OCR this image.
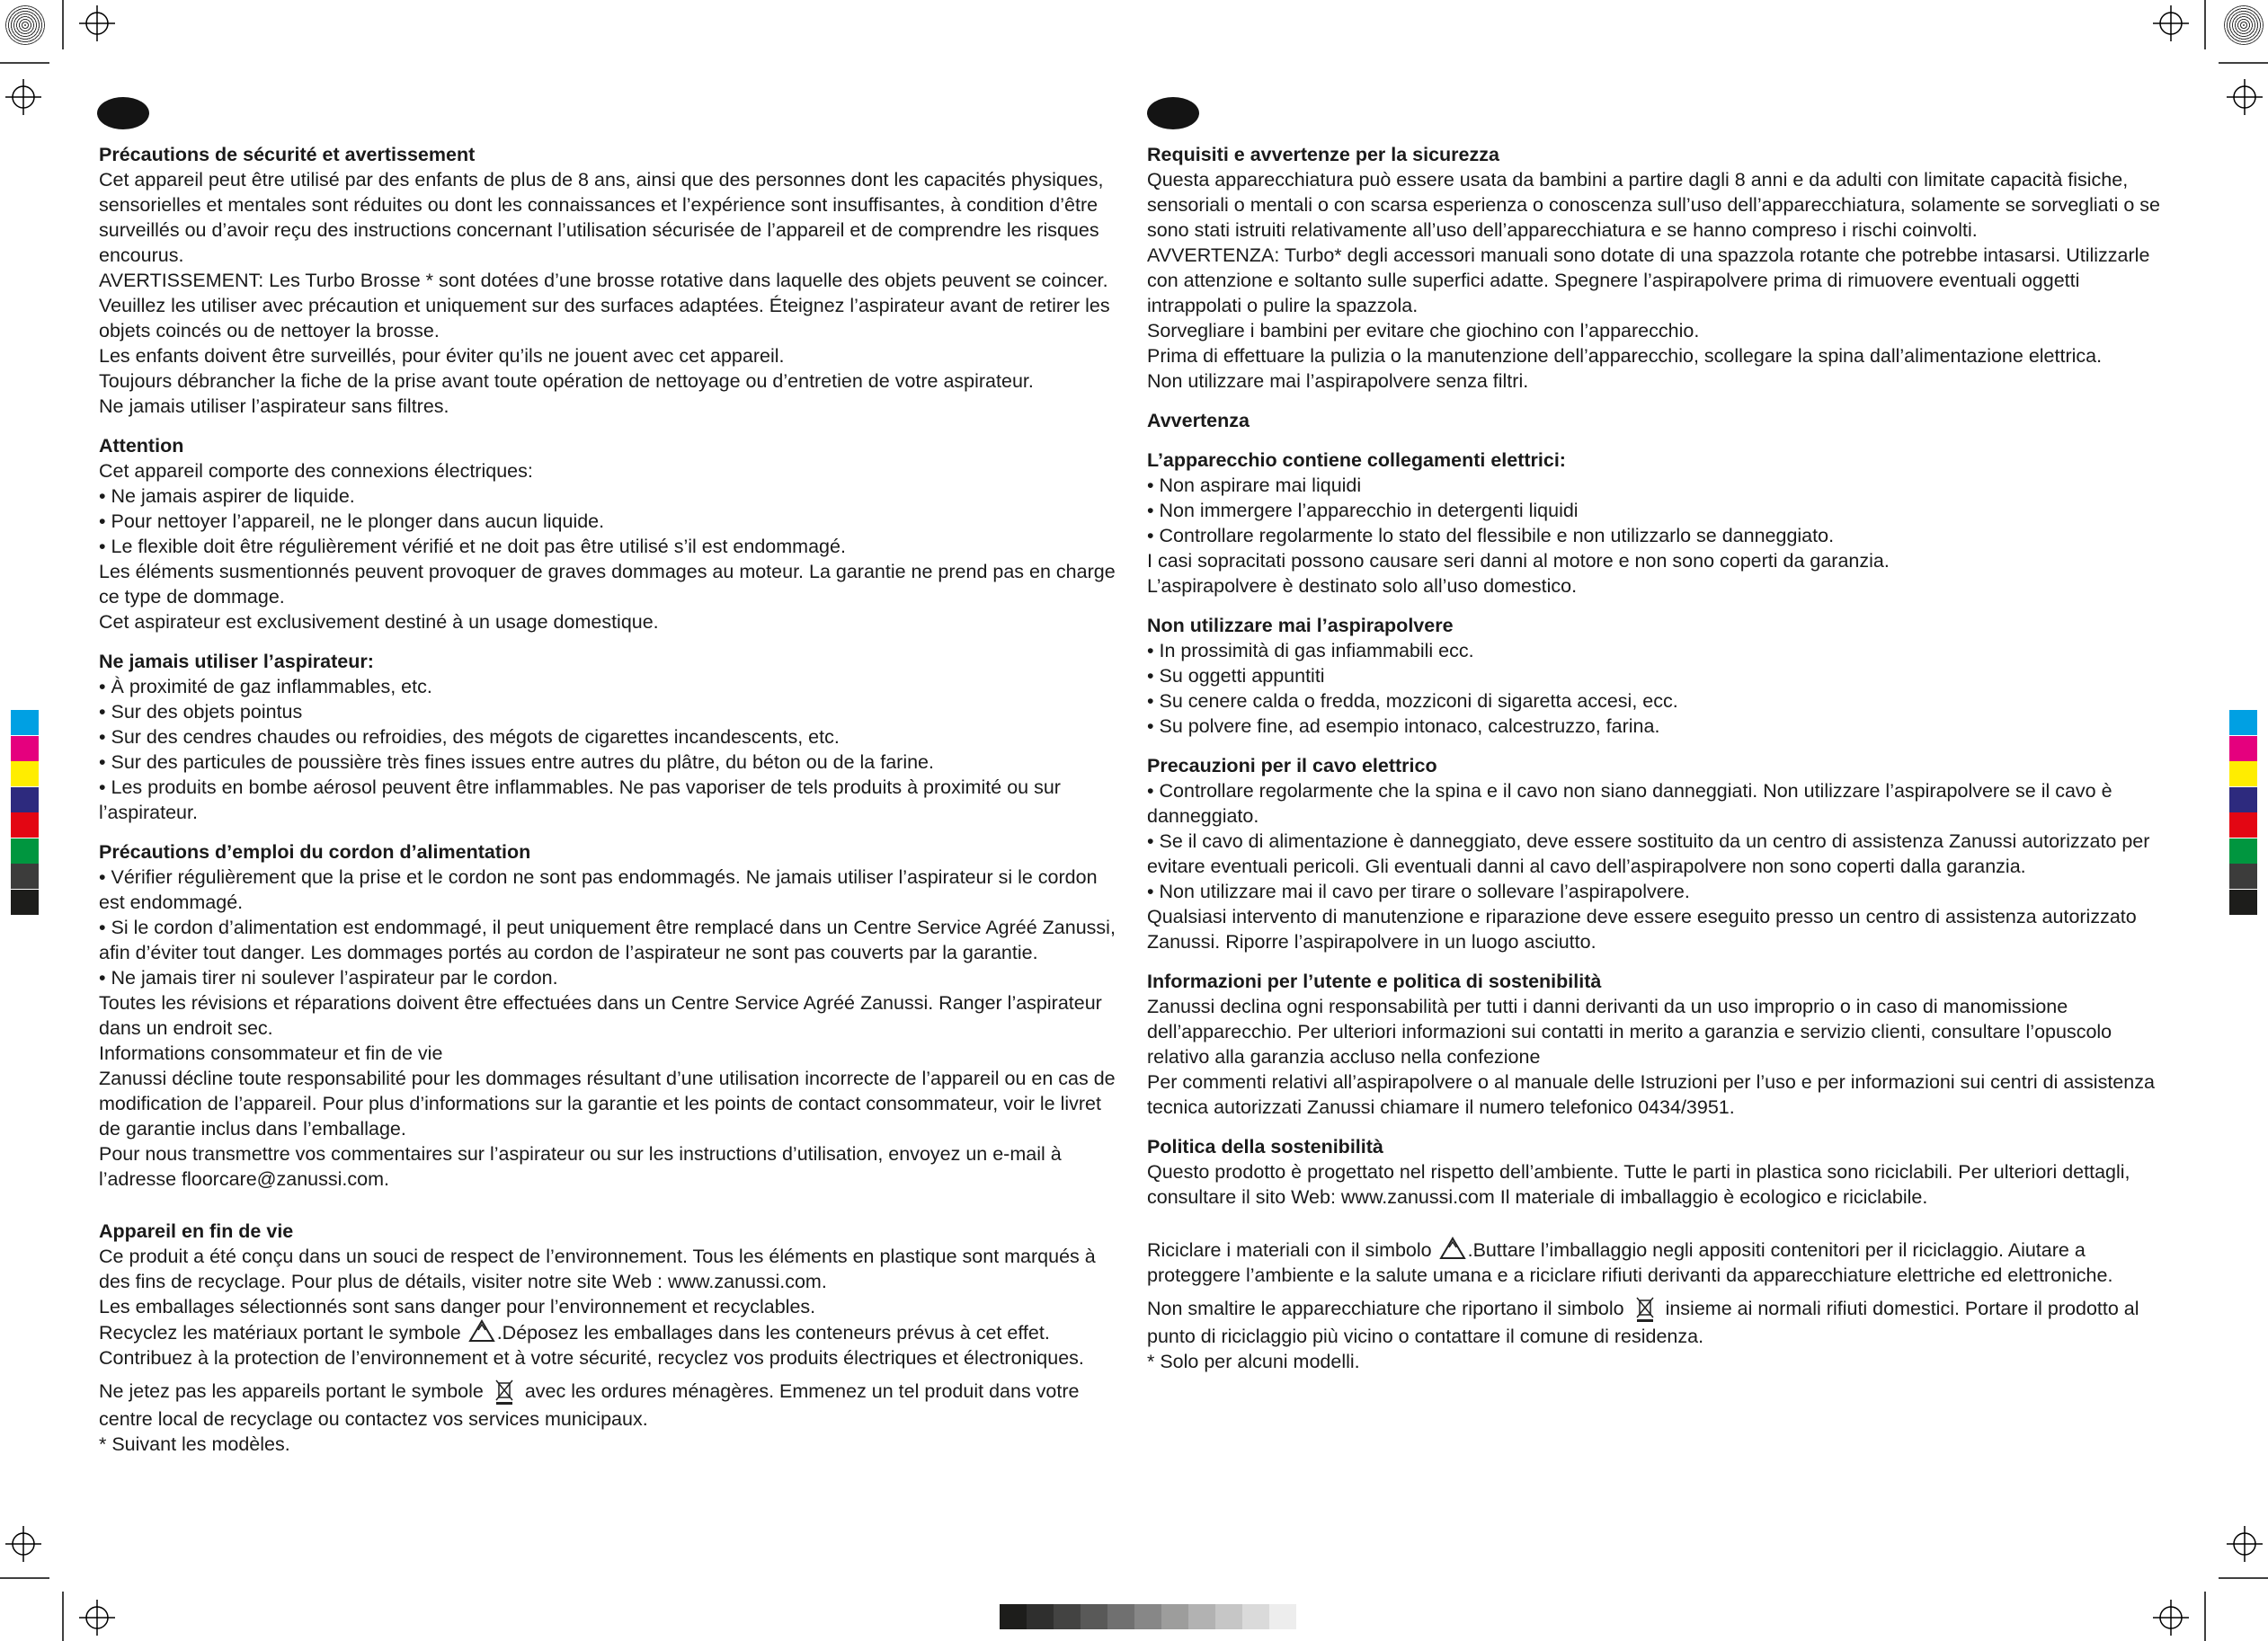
Précautions de sécurité et avertissement

Cet appareil peut être utilisé par des enfants de plus de 8 ans, ainsi que des personnes dont les capacités physiques, sensorielles et mentales sont réduites ou dont les connaissances et l’expérience sont insuffisantes, à condition d’être surveillés ou d’avoir reçu des instructions concernant l’utilisation sécurisée de l’appareil et de comprendre les risques encourus.

AVERTISSEMENT: Les Turbo Brosse * sont dotées d’une brosse rotative dans laquelle des objets peuvent se coincer. Veuillez les utiliser avec précaution et uniquement sur des surfaces adaptées. Éteignez l’aspirateur avant de retirer les objets coincés ou de nettoyer la brosse.

Les enfants doivent être surveillés, pour éviter qu’ils ne jouent avec cet appareil.

Toujours débrancher la fiche de la prise avant toute opération de nettoyage ou d’entretien de votre aspirateur.

Ne jamais utiliser l’aspirateur sans filtres.

Attention

Cet appareil comporte des connexions électriques:

• Ne jamais aspirer de liquide.

• Pour nettoyer l’appareil, ne le plonger dans aucun liquide.

• Le flexible doit être régulièrement vérifié et ne doit pas être utilisé s’il est endommagé.

Les éléments susmentionnés peuvent provoquer de graves dommages au moteur. La garantie ne prend pas en charge ce type de dommage.

Cet aspirateur est exclusivement destiné à un usage domestique.

Ne jamais utiliser l’aspirateur:

• À proximité de gaz inflammables, etc.

• Sur des objets pointus

• Sur des cendres chaudes ou refroidies, des mégots de cigarettes incandescents, etc.

• Sur des particules de poussière très fines issues entre autres du plâtre, du béton ou de la farine.

• Les produits en bombe aérosol peuvent être inflammables. Ne pas vaporiser de tels produits à proximité ou sur l’aspirateur.

Précautions d’emploi du cordon d’alimentation

• Vérifier régulièrement que la prise et le cordon ne sont pas endommagés. Ne jamais utiliser l’aspirateur si le cordon est endommagé.

• Si le cordon d’alimentation est endommagé, il peut uniquement être remplacé dans un Centre Service Agréé Zanussi, afin d’éviter tout danger. Les dommages portés au cordon de l’aspirateur ne sont pas couverts par la garantie.

• Ne jamais tirer ni soulever l’aspirateur par le cordon.

Toutes les révisions et réparations doivent être effectuées dans un Centre Service Agréé Zanussi. Ranger l’aspirateur dans un endroit sec.

Informations consommateur et fin de vie

Zanussi décline toute responsabilité pour les dommages résultant d’une utilisation incorrecte de l’appareil ou en cas de modification de l’appareil. Pour plus d’informations sur la garantie et les points de contact consommateur, voir le livret de garantie inclus dans l’emballage.

Pour nous transmettre vos commentaires sur l’aspirateur ou sur les instructions d’utilisation, envoyez un e-mail à l’adresse floorcare@zanussi.com.

Appareil en fin de vie

Ce produit a été conçu dans un souci de respect de l’environnement. Tous les éléments en plastique sont marqués à des fins de recyclage. Pour plus de détails, visiter notre site Web : www.zanussi.com.

Les emballages sélectionnés sont sans danger pour l’environnement et recyclables.

Recyclez les matériaux portant le symbole .Déposez les emballages dans les conteneurs prévus à cet effet. Contribuez à la protection de l’environnement et à votre sécurité, recyclez vos produits électriques et électroniques.

Ne jetez pas les appareils portant le symbole avec les ordures ménagères. Emmenez un tel produit dans votre centre local de recyclage ou contactez vos services municipaux.

* Suivant les modèles.

Requisiti e avvertenze per la sicurezza

Questa apparecchiatura può essere usata da bambini a partire dagli 8 anni e da adulti con limitate capacità fisiche, sensoriali o mentali o con scarsa esperienza o conoscenza sull’uso dell’apparecchiatura, solamente se sorvegliati o se sono stati istruiti relativamente all’uso dell’apparecchiatura e se hanno compreso i rischi coinvolti.

AVVERTENZA: Turbo* degli accessori manuali sono dotate di una spazzola rotante che potrebbe intasarsi. Utilizzarle con attenzione e soltanto sulle superfici adatte. Spegnere l’aspirapolvere prima di rimuovere eventuali oggetti intrappolati o pulire la spazzola.

Sorvegliare i bambini per evitare che giochino con l’apparecchio.

Prima di effettuare la pulizia o la manutenzione dell’apparecchio, scollegare la spina dall’alimentazione elettrica.

Non utilizzare mai l’aspirapolvere senza filtri.

Avvertenza
L’apparecchio contiene collegamenti elettrici:

• Non aspirare mai liquidi

• Non immergere l’apparecchio in detergenti liquidi

• Controllare regolarmente lo stato del flessibile e non utilizzarlo se danneggiato.

I casi sopracitati possono causare seri danni al motore e non sono coperti da garanzia.

L’aspirapolvere è destinato solo all’uso domestico.

Non utilizzare mai l’aspirapolvere

• In prossimità di gas infiammabili ecc.

• Su oggetti appuntiti

• Su cenere calda o fredda, mozziconi di sigaretta accesi, ecc.

• Su polvere fine, ad esempio intonaco, calcestruzzo, farina.

Precauzioni per il cavo elettrico

• Controllare regolarmente che la spina e il cavo non siano danneggiati. Non utilizzare l’aspirapolvere se il cavo è danneggiato.

• Se il cavo di alimentazione è danneggiato, deve essere sostituito da un centro di assistenza Zanussi autorizzato per evitare eventuali pericoli. Gli eventuali danni al cavo dell’aspirapolvere non sono coperti dalla garanzia.

• Non utilizzare mai il cavo per tirare o sollevare l’aspirapolvere.

Qualsiasi intervento di manutenzione e riparazione deve essere eseguito presso un centro di assistenza autorizzato Zanussi. Riporre l’aspirapolvere in un luogo asciutto.

Informazioni per l’utente e politica di sostenibilità

Zanussi declina ogni responsabilità per tutti i danni derivanti da un uso improprio o in caso di manomissione dell’apparecchio. Per ulteriori informazioni sui contatti in merito a garanzia e servizio clienti, consultare l’opuscolo relativo alla garanzia accluso nella confezione

Per commenti relativi all’aspirapolvere o al manuale delle Istruzioni per l’uso e per informazioni sui centri di assistenza tecnica autorizzati Zanussi chiamare il numero telefonico 0434/3951.

Politica della sostenibilità

Questo prodotto è progettato nel rispetto dell’ambiente. Tutte le parti in plastica sono riciclabili. Per ulteriori dettagli, consultare il sito Web: www.zanussi.com Il materiale di imballaggio è ecologico e riciclabile.

Riciclare i materiali con il simbolo .Buttare l’imballaggio negli appositi contenitori per il riciclaggio. Aiutare a proteggere l’ambiente e la salute umana e a riciclare rifiuti derivanti da apparecchiature elettriche ed elettroniche.

Non smaltire le apparecchiature che riportano il simbolo insieme ai normali rifiuti domestici. Portare il prodotto al punto di riciclaggio più vicino o contattare il comune di residenza.

* Solo per alcuni modelli.
